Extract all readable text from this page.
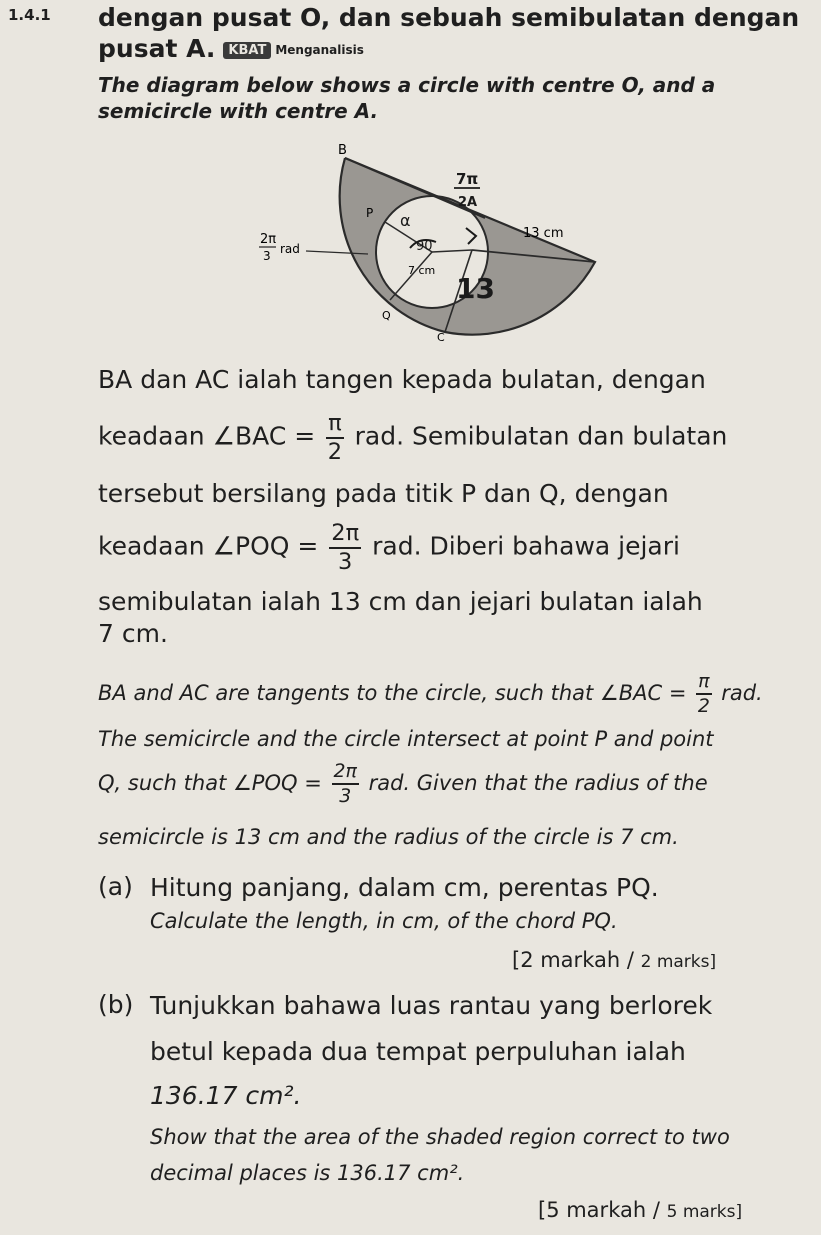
1.4.1 dengan pusat O, dan sebuah semibulatan dengan
pusat A. KBAT Menganalisis
The diagram below shows a circle with centre O, and a
semicircle with centre A.
B
P
Q
C
13 cm
7 cm
2π
3 rad
13
α
90
7π
2A
BA dan AC ialah tangen kepada bulatan, dengan
keadaan ∠BAC = $\frac{\pi}{2}$ rad. Semibulatan dan bulatan
tersebut bersilang pada titik P dan Q, dengan
keadaan ∠POQ = $\frac{2\pi}{3}$ rad. Diberi bahawa jejari
semibulatan ialah 13 cm dan jejari bulatan ialah
7 cm.
BA and AC are tangents to the circle, such that ∠BAC = $\frac{\pi}{2}$ rad.
The semicircle and the circle intersect at point P and point
Q, such that ∠POQ = $\frac{2\pi}{3}$ rad. Given that the radius of the
semicircle is 13 cm and the radius of the circle is 7 cm.
(a) Hitung panjang, dalam cm, perentas PQ.
Calculate the length, in cm, of the chord PQ.
[2 markah / 2 marks]
(b) Tunjukkan bahawa luas rantau yang berlorek
betul kepada dua tempat perpuluhan ialah
136.17 cm².
Show that the area of the shaded region correct to two
decimal places is 136.17 cm².
[5 markah / 5 marks]
